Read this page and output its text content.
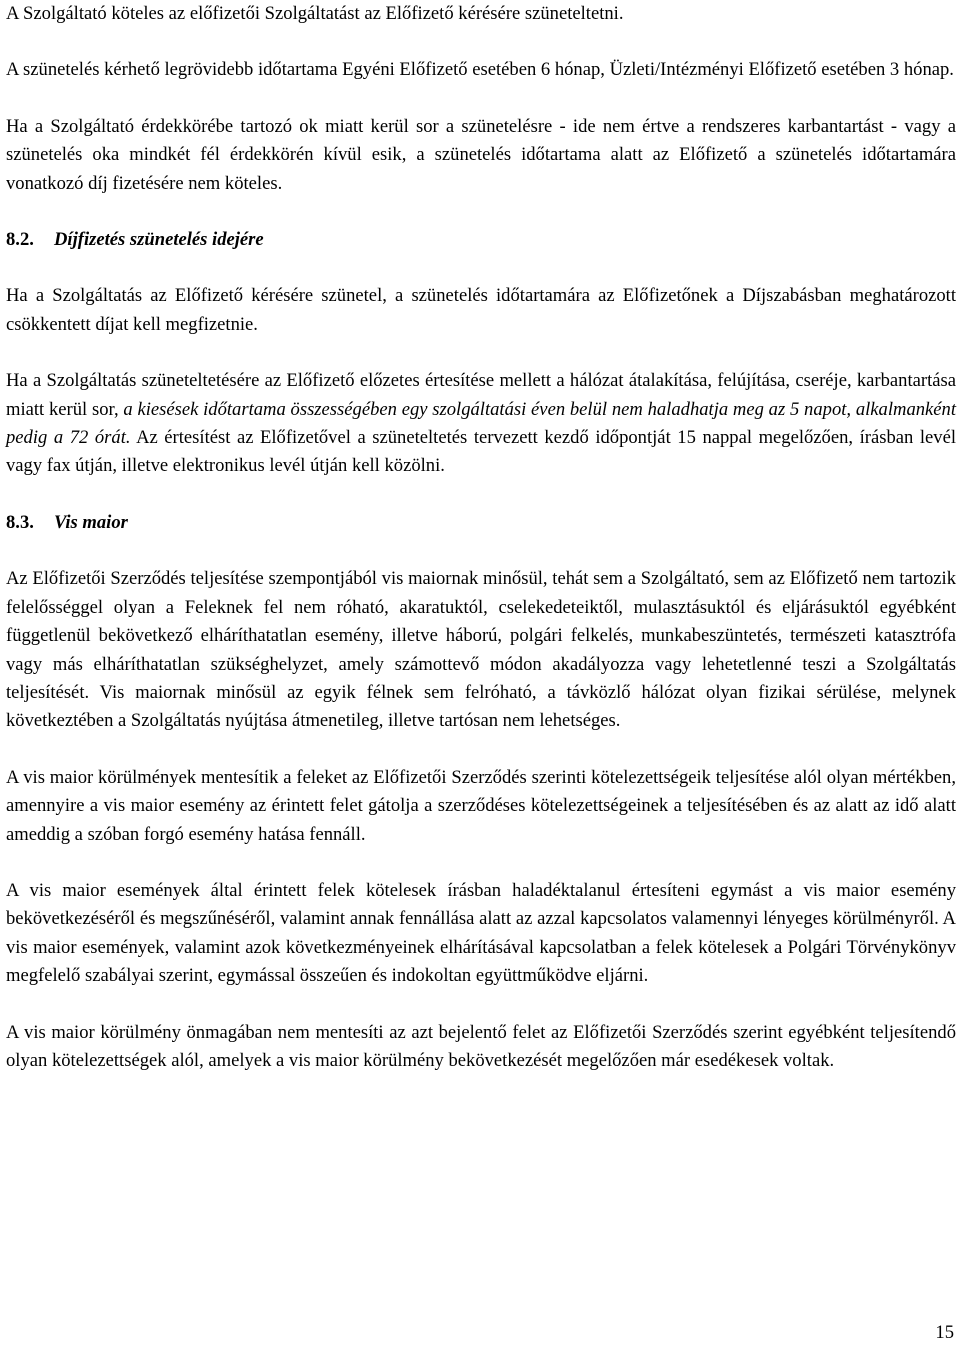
A Szolgáltató köteles az előfizetői Szolgáltatást az Előfizető kérésére szüneteltetni.

A szünetelés kérhető legrövidebb időtartama Egyéni Előfizető esetében 6 hónap, Üzleti/Intézményi Előfizető esetében 3 hónap.

Ha a Szolgáltató érdekkörébe tartozó ok miatt kerül sor a szünetelésre - ide nem értve a rendszeres karbantartást - vagy a szünetelés oka mindkét fél érdekkörén kívül esik, a szünetelés időtartama alatt az Előfizető a szünetelés időtartamára vonatkozó díj fizetésére nem köteles.

8.2. Díjfizetés szünetelés idejére

Ha a Szolgáltatás az Előfizető kérésére szünetel, a szünetelés időtartamára az Előfizetőnek a Díjszabásban meghatározott csökkentett díjat kell megfizetnie.

Ha a Szolgáltatás szüneteltetésére az Előfizető előzetes értesítése mellett a hálózat átalakítása, felújítása, cseréje, karbantartása miatt kerül sor, a kiesések időtartama összességében egy szolgáltatási éven belül nem haladhatja meg az 5 napot, alkalmanként pedig a 72 órát. Az értesítést az Előfizetővel a szüneteltetés tervezett kezdő időpontját 15 nappal megelőzően, írásban levél vagy fax útján, illetve elektronikus levél útján kell közölni.

8.3. Vis maior

Az Előfizetői Szerződés teljesítése szempontjából vis maiornak minősül, tehát sem a Szolgáltató, sem az Előfizető nem tartozik felelősséggel olyan a Feleknek fel nem róható, akaratuktól, cselekedeteiktől, mulasztásuktól és eljárásuktól egyébként függetlenül bekövetkező elháríthatatlan esemény, illetve háború, polgári felkelés, munkabeszüntetés, természeti katasztrófa vagy más elháríthatatlan szükséghelyzet, amely számottevő módon akadályozza vagy lehetetlenné teszi a Szolgáltatás teljesítését. Vis maiornak minősül az egyik félnek sem felróható, a távközlő hálózat olyan fizikai sérülése, melynek következtében a Szolgáltatás nyújtása átmenetileg, illetve tartósan nem lehetséges.

A vis maior körülmények mentesítik a feleket az Előfizetői Szerződés szerinti kötelezettségeik teljesítése alól olyan mértékben, amennyire a vis maior esemény az érintett felet gátolja a szerződéses kötelezettségeinek a teljesítésében és az alatt az idő alatt ameddig a szóban forgó esemény hatása fennáll.

A vis maior események által érintett felek kötelesek írásban haladéktalanul értesíteni egymást a vis maior esemény bekövetkezéséről és megszűnéséről, valamint annak fennállása alatt az azzal kapcsolatos valamennyi lényeges körülményről. A vis maior események, valamint azok következményeinek elhárításával kapcsolatban a felek kötelesek a Polgári Törvénykönyv megfelelő szabályai szerint, egymással összeűen és indokoltan együttműködve eljárni.

A vis maior körülmény önmagában nem mentesíti az azt bejelentő felet az Előfizetői Szerződés szerint egyébként teljesítendő olyan kötelezettségek alól, amelyek a vis maior körülmény bekövetkezését megelőzően már esedékesek voltak.

15
